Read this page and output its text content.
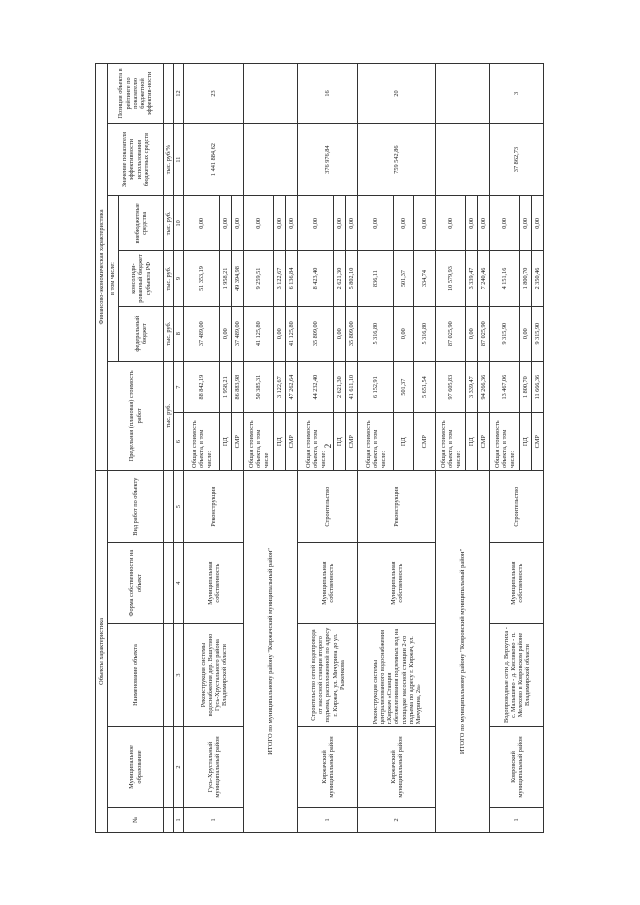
2
Объекты характеристика					Финансово-экономическая характеристика						
№	Муниципальное образование	Наименование объекта	Форма собственности на объект	Вид работ по объекту	Предельная (плановая) стоимость работ		в том числе:			Значение показателя эффективности использования бюджетных средств	Позиция объекта в рейтинге по показателю бюджетной эффектив-ности
							федеральный бюджет	консолиди-рованный бюджет субъекта РФ	внебюджетные средства		

					тыс. руб.		тыс. руб.	тыс. руб.	тыс. руб.	тыс. руб/%	
1	2	3	4	5	6	7	8	9	10	11	12
1	Гусь-Хрустальный муниципальный район	Реконструкция системы водоснабжения дер. Вашутино Гусь-Хрустального района Владимирской области	Муниципальная собственность	Реконструкция	Общая стоимость объекта, в том числе:	88 842,19	37 489,00	51 353,19	0,00	1 441 884,62	23
					ПД	1 958,21	0,00	1 958,21	0,00		
					СМР	86 883,98	37 489,00	49 394,98	0,00		
ИТОГО по муниципальному району "Киржачский муниципальный район"					Общая стоимость объекта, в том числе	50 385,31	41 125,80	9 259,51	0,00		
					ПД	3 122,67	0,00	3 122,67	0,00		
					СМР	47 262,64	41 125,80	6 136,84	0,00		
1	Киржачский муниципальный район	Строительство сетей водопровода от насосной станции второго подъема, расположенной по адресу г. Киржач, ул. Мичурина до ул. Рыженкова	Муниципальная собственность	Строительство	Общая стоимость объекта, в том числе:	44 232,40	35 809,00	8 423,40	0,00	376 976,84	16
					ПД	2 621,30	0,00	2 621,30	0,00		
					СМР	41 611,10	35 809,00	5 802,10	0,00		
2	Киржачский муниципальный район	Реконструкция системы централизованного водоснабжения г.Киржач «Станция обезжелезивания подземных вод на площадке насосной станции 2-го подъема по адресу г. Киржач, ул. Мичурина, 2а»	Муниципальная собственность	Реконструкция	Общая стоимость объекта, в том числе:	6 152,91	5 316,80	836,11	0,00	759 542,86	20
					ПД	501,37	0,00	501,37	0,00		
					СМР	5 651,54	5 316,80	334,74	0,00		
ИТОГО по муниципальному району "Ковровский муниципальный район"					Общая стоимость объекта, в том числе:	97 605,83	87 025,90	10 579,93	0,00		
					ПД	3 339,47	0,00	3 339,47	0,00		
					СМР	94 266,36	87 025,90	7 240,46	0,00		
1	Ковровский муниципальный район	Водопроводные сети д. Верхутиха - с. Малышево - д. Кисляково - п. Мелехово в Ковровском районе Владимирской области	Муниципальная собственность	Строительство	Общая стоимость объекта, в том числе:	13 467,06	9 315,90	4 151,16	0,00	37 862,73	3
					ПД	1 800,70	0,00	1 800,70	0,00		
					СМР	11 666,36	9 315,90	2 350,46	0,00		
